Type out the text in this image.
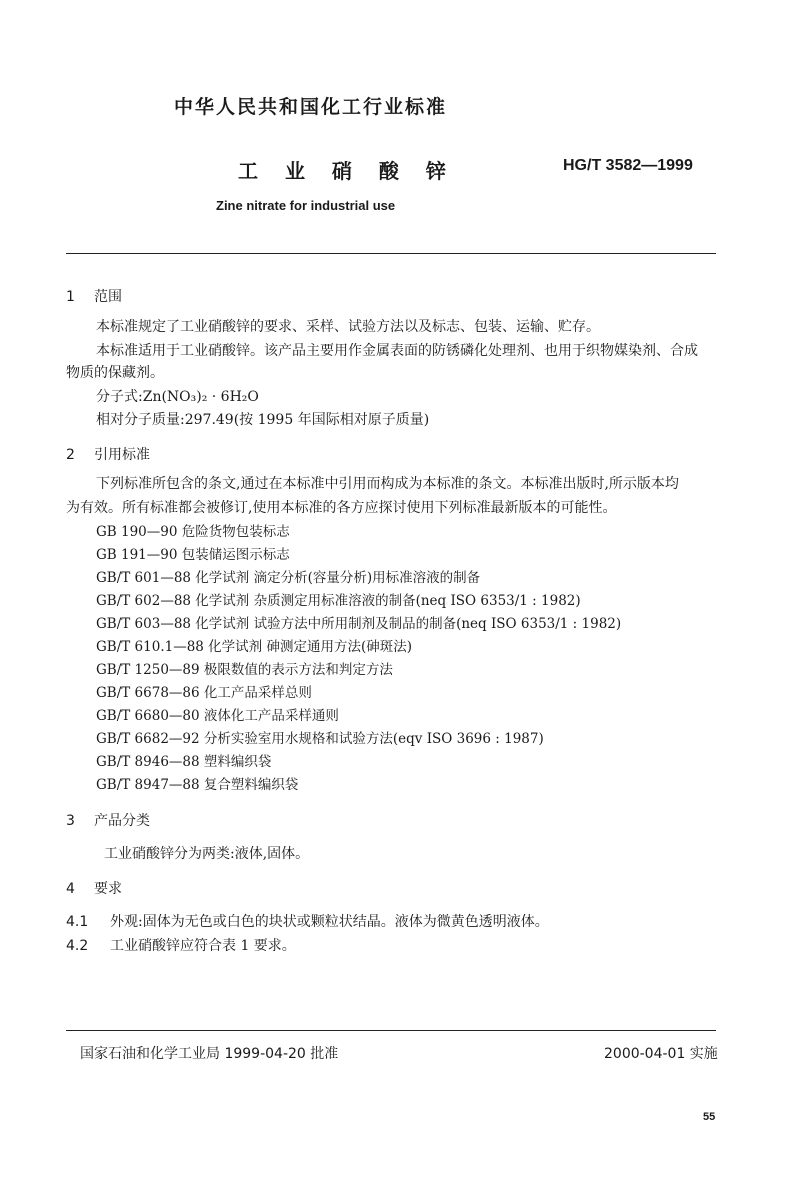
中华人民共和国化工行业标准
工 业 硝 酸 锌	HG/T 3582—1999
Zine nitrate for industrial use
1 范围
本标准规定了工业硝酸锌的要求、采样、试验方法以及标志、包装、运输、贮存。
本标准适用于工业硝酸锌。该产品主要用作金属表面的防锈磷化处理剂、也用于织物媒染剂、合成
物质的保藏剂。
分子式:Zn(NO₃)₂ · 6H₂O
相对分子质量:297.49(按 1995 年国际相对原子质量)
2 引用标准
下列标准所包含的条文,通过在本标准中引用而构成为本标准的条文。本标准出版时,所示版本均
为有效。所有标准都会被修订,使用本标准的各方应探讨使用下列标准最新版本的可能性。
GB 190—90 危险货物包装标志
GB 191—90 包装储运图示标志
GB/T 601—88 化学试剂 滴定分析(容量分析)用标准溶液的制备
GB/T 602—88 化学试剂 杂质测定用标准溶液的制备(neq ISO 6353/1 : 1982)
GB/T 603—88 化学试剂 试验方法中所用制剂及制品的制备(neq ISO 6353/1 : 1982)
GB/T 610.1—88 化学试剂 砷测定通用方法(砷斑法)
GB/T 1250—89 极限数值的表示方法和判定方法
GB/T 6678—86 化工产品采样总则
GB/T 6680—80 液体化工产品采样通则
GB/T 6682—92 分析实验室用水规格和试验方法(eqv ISO 3696 : 1987)
GB/T 8946—88 塑料编织袋
GB/T 8947—88 复合塑料编织袋
3 产品分类
工业硝酸锌分为两类:液体,固体。
4 要求
4.1 外观:固体为无色或白色的块状或颗粒状结晶。液体为微黄色透明液体。
4.2 工业硝酸锌应符合表 1 要求。
国家石油和化学工业局 1999-04-20 批准	2000-04-01 实施
55
